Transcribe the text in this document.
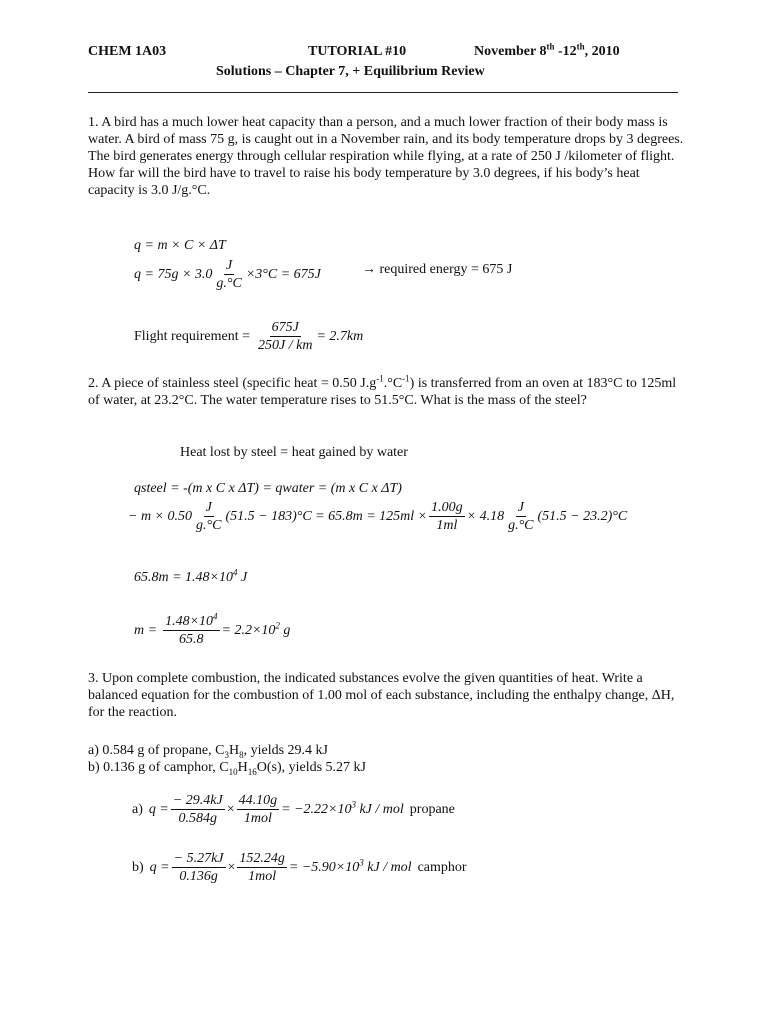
CHEM 1A03	TUTORIAL #10	November 8th -12th, 2010
Solutions – Chapter 7, + Equilibrium Review
1. A bird has a much lower heat capacity than a person, and a much lower fraction of their body mass is water. A bird of mass 75 g, is caught out in a November rain, and its body temperature drops by 3 degrees. The bird generates energy through cellular respiration while flying, at a rate of 250 J /kilometer of flight. How far will the bird have to travel to raise his body temperature by 3.0 degrees, if his body’s heat capacity is 3.0 J/g.°C.
q = m × C × ΔT
$q = 75g \times 3.0 \frac{J}{g.^\circ C} \times 3^\circ C = 675J$	→ required energy = 675 J
Flight requirement = $\frac{675J}{250J / km} = 2.7km$
2. A piece of stainless steel (specific heat = 0.50 $J.g^{-1}.^\circ C^{-1}$) is transferred from an oven at 183°C to 125ml of water, at 23.2°C. The water temperature rises to 51.5°C. What is the mass of the steel?
Heat lost by steel = heat gained by water
qsteel = -(m x C x ΔT) = qwater = (m x C x ΔT)
− $m \times 0.50 \frac{J}{g.^\circ C} (51.5 - 183)^\circ C = 65.8m = 125ml \times \frac{1.00g}{1ml} \times 4.18 \frac{J}{g.^\circ C} (51.5 - 23.2)^\circ C$
$65.8m = 1.48\times 10^4$ J
$m = \frac{1.48\times 10^4}{65.8} = 2.2\times 10^2$ g
3. Upon complete combustion, the indicated substances evolve the given quantities of heat. Write a balanced equation for the combustion of 1.00 mol of each substance, including the enthalpy change, ΔH, for the reaction.
a) 0.584 g of propane, $C_3H_8$, yields 29.4 kJ
b) 0.136 g of camphor, $C_{10}H_{16}O(s)$, yields 5.27 kJ
a) $q = \frac{- 29.4kJ}{0.584g} \times \frac{44.10g}{\text{1mol}} = -2.22\times 10^3$ kJ / mol propane
b) $q = \frac{- 5.27kJ}{0.136g} \times \frac{152.24g}{\text{1mol}} = -5.90\times 10^3$ kJ / mol camphor
